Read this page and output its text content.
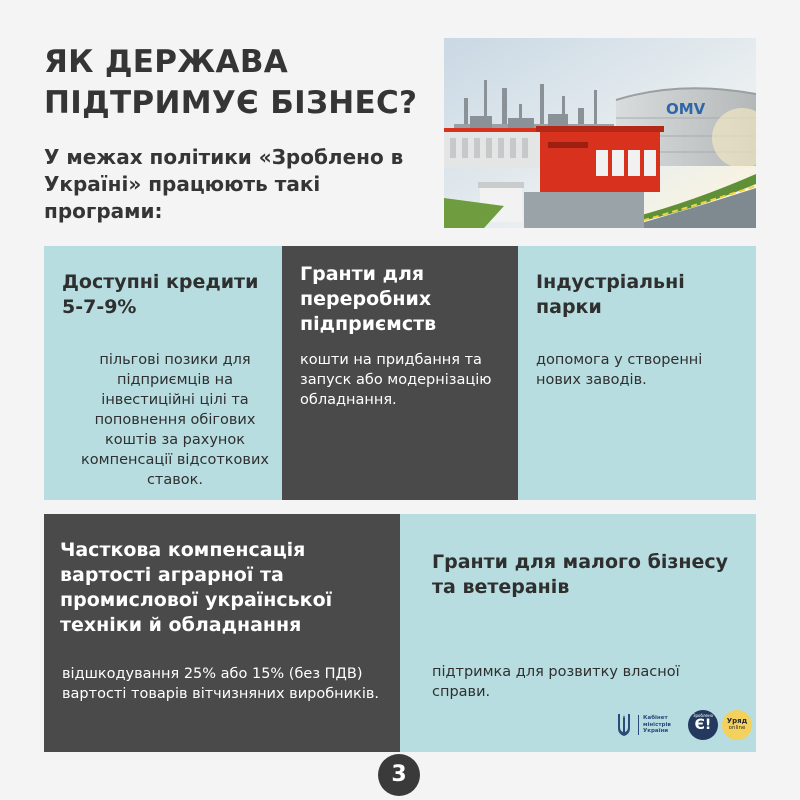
ЯК ДЕРЖАВА
ПІДТРИМУЄ БІЗНЕС?
У межах політики «Зроблено в Україні» працюють такі програми:
OMV
Доступні кредити 5-7-9%
пільгові позики для підприємців на інвестиційні цілі та поповнення обігових коштів за рахунок компенсації відсоткових ставок.
Гранти для переробних підприємств
кошти на придбання та запуск або модернізацію обладнання.
Індустріальні парки
допомога у створенні нових заводів.
Часткова компенсація вартості аграрної та промислової української техніки й обладнання
відшкодування 25% або 15% (без ПДВ) вартості товарів вітчизняних виробників.
Гранти для малого бізнесу та ветеранів
підтримка для розвитку власної справи.
Кабінет
міністрів
України
Зроблено
Є! Уряд
online
3
